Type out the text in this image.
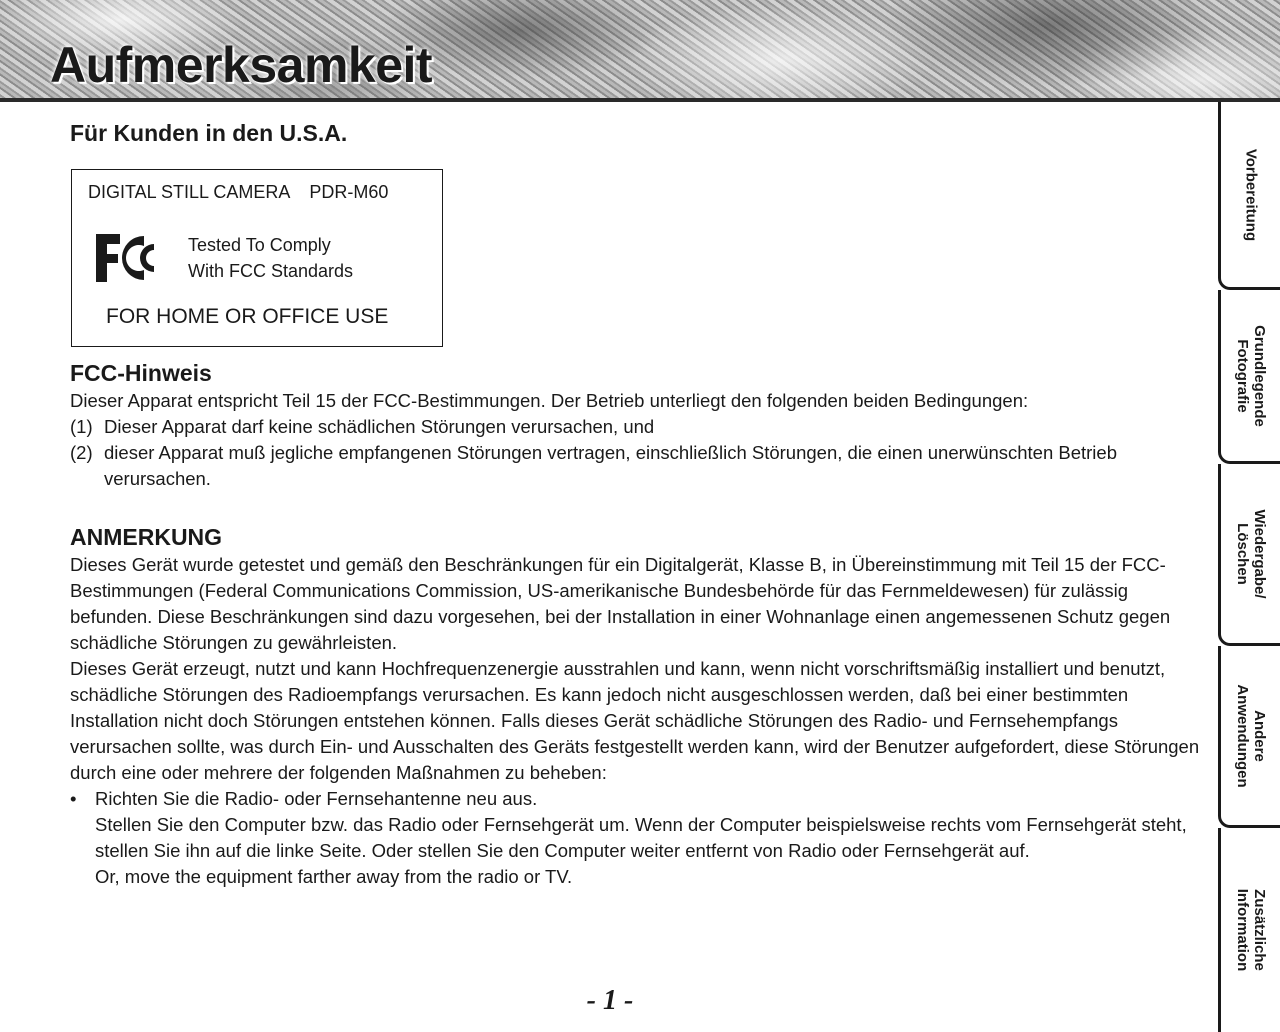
Aufmerksamkeit
Vorbereitung
Grundlegende
Fotografie
Wiedergabe/
Löschen
Andere
Anwendungen
Zusätzliche
Information
Für Kunden in den U.S.A.
DIGITAL STILL CAMERA    PDR-M60
Tested To Comply
With FCC Standards
FOR HOME OR OFFICE USE
FCC-Hinweis

Dieser Apparat entspricht Teil 15 der FCC-Bestimmungen. Der Betrieb unterliegt den folgenden beiden Bedingungen:

(1) Dieser Apparat darf keine schädlichen Störungen verursachen, und
(2) dieser Apparat muß jegliche empfangenen Störungen vertragen, einschließlich Störungen, die einen unerwünschten Betrieb verursachen.
ANMERKUNG

Dieses Gerät wurde getestet und gemäß den Beschränkungen für ein Digitalgerät, Klasse B, in Übereinstimmung mit Teil 15 der FCC-Bestimmungen (Federal Communications Commission, US-amerikanische Bundesbehörde für das Fernmeldewesen) für zulässig befunden. Diese Beschränkungen sind dazu vorgesehen, bei der Installation in einer Wohnanlage einen angemessenen Schutz gegen schädliche Störungen zu gewährleisten.

Dieses Gerät erzeugt, nutzt und kann Hochfrequenzenergie ausstrahlen und kann, wenn nicht vorschriftsmäßig installiert und benutzt, schädliche Störungen des Radioempfangs verursachen. Es kann jedoch nicht ausgeschlossen werden, daß bei einer bestimmten Installation nicht doch Störungen entstehen können. Falls dieses Gerät schädliche Störungen des Radio- und Fernsehempfangs verursachen sollte, was durch Ein- und Ausschalten des Geräts festgestellt werden kann, wird der Benutzer aufgefordert, diese Störungen durch eine oder mehrere der folgenden Maßnahmen zu beheben:

• Richten Sie die Radio- oder Fernsehantenne neu aus.
Stellen Sie den Computer bzw. das Radio oder Fernsehgerät um. Wenn der Computer beispielsweise rechts vom Fernsehgerät steht, stellen Sie ihn auf die linke Seite. Oder stellen Sie den Computer weiter entfernt von Radio oder Fernsehgerät auf.
Or, move the equipment farther away from the radio or TV.
- 1 -
